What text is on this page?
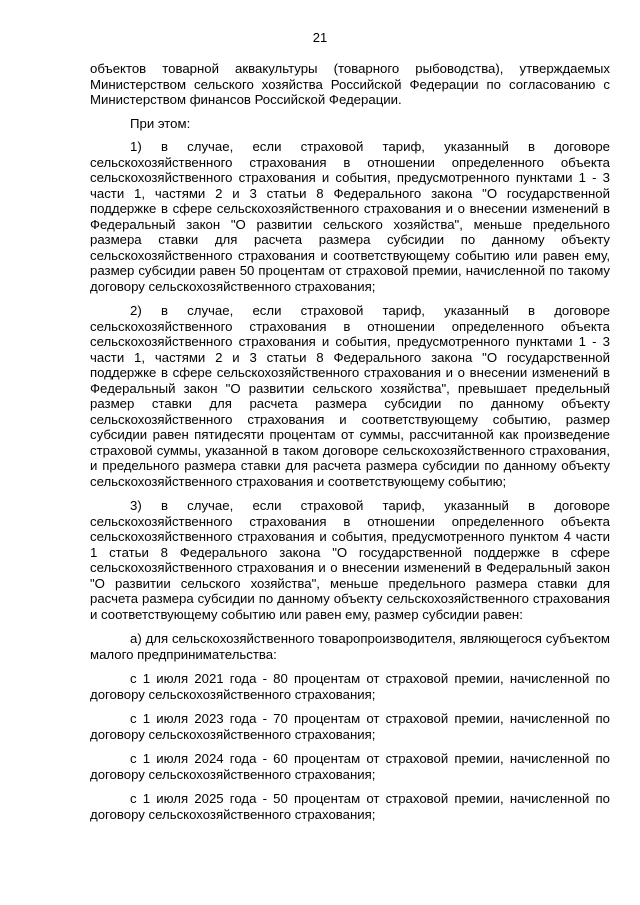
21

объектов товарной аквакультуры (товарного рыбоводства), утверждаемых Министерством сельского хозяйства Российской Федерации по согласованию с Министерством финансов Российской Федерации.

При этом:

1) в случае, если страховой тариф, указанный в договоре сельскохозяйственного страхования в отношении определенного объекта сельскохозяйственного страхования и события, предусмотренного пунктами 1 - 3 части 1, частями 2 и 3 статьи 8 Федерального закона "О государственной поддержке в сфере сельскохозяйственного страхования и о внесении изменений в Федеральный закон "О развитии сельского хозяйства", меньше предельного размера ставки для расчета размера субсидии по данному объекту сельскохозяйственного страхования и соответствующему событию или равен ему, размер субсидии равен 50 процентам от страховой премии, начисленной по такому договору сельскохозяйственного страхования;

2) в случае, если страховой тариф, указанный в договоре сельскохозяйственного страхования в отношении определенного объекта сельскохозяйственного страхования и события, предусмотренного пунктами 1 - 3 части 1, частями 2 и 3 статьи 8 Федерального закона "О государственной поддержке в сфере сельскохозяйственного страхования и о внесении изменений в Федеральный закон "О развитии сельского хозяйства", превышает предельный размер ставки для расчета размера субсидии по данному объекту сельскохозяйственного страхования и соответствующему событию, размер субсидии равен пятидесяти процентам от суммы, рассчитанной как произведение страховой суммы, указанной в таком договоре сельскохозяйственного страхования, и предельного размера ставки для расчета размера субсидии по данному объекту сельскохозяйственного страхования и соответствующему событию;

3) в случае, если страховой тариф, указанный в договоре сельскохозяйственного страхования в отношении определенного объекта сельскохозяйственного страхования и события, предусмотренного пунктом 4 части 1 статьи 8 Федерального закона "О государственной поддержке в сфере сельскохозяйственного страхования и о внесении изменений в Федеральный закон "О развитии сельского хозяйства", меньше предельного размера ставки для расчета размера субсидии по данному объекту сельскохозяйственного страхования и соответствующему событию или равен ему, размер субсидии равен:

а) для сельскохозяйственного товаропроизводителя, являющегося субъектом малого предпринимательства:

с 1 июля 2021 года - 80 процентам от страховой премии, начисленной по договору сельскохозяйственного страхования;

с 1 июля 2023 года - 70 процентам от страховой премии, начисленной по договору сельскохозяйственного страхования;

с 1 июля 2024 года - 60 процентам от страховой премии, начисленной по договору сельскохозяйственного страхования;

с 1 июля 2025 года - 50 процентам от страховой премии, начисленной по договору сельскохозяйственного страхования;
